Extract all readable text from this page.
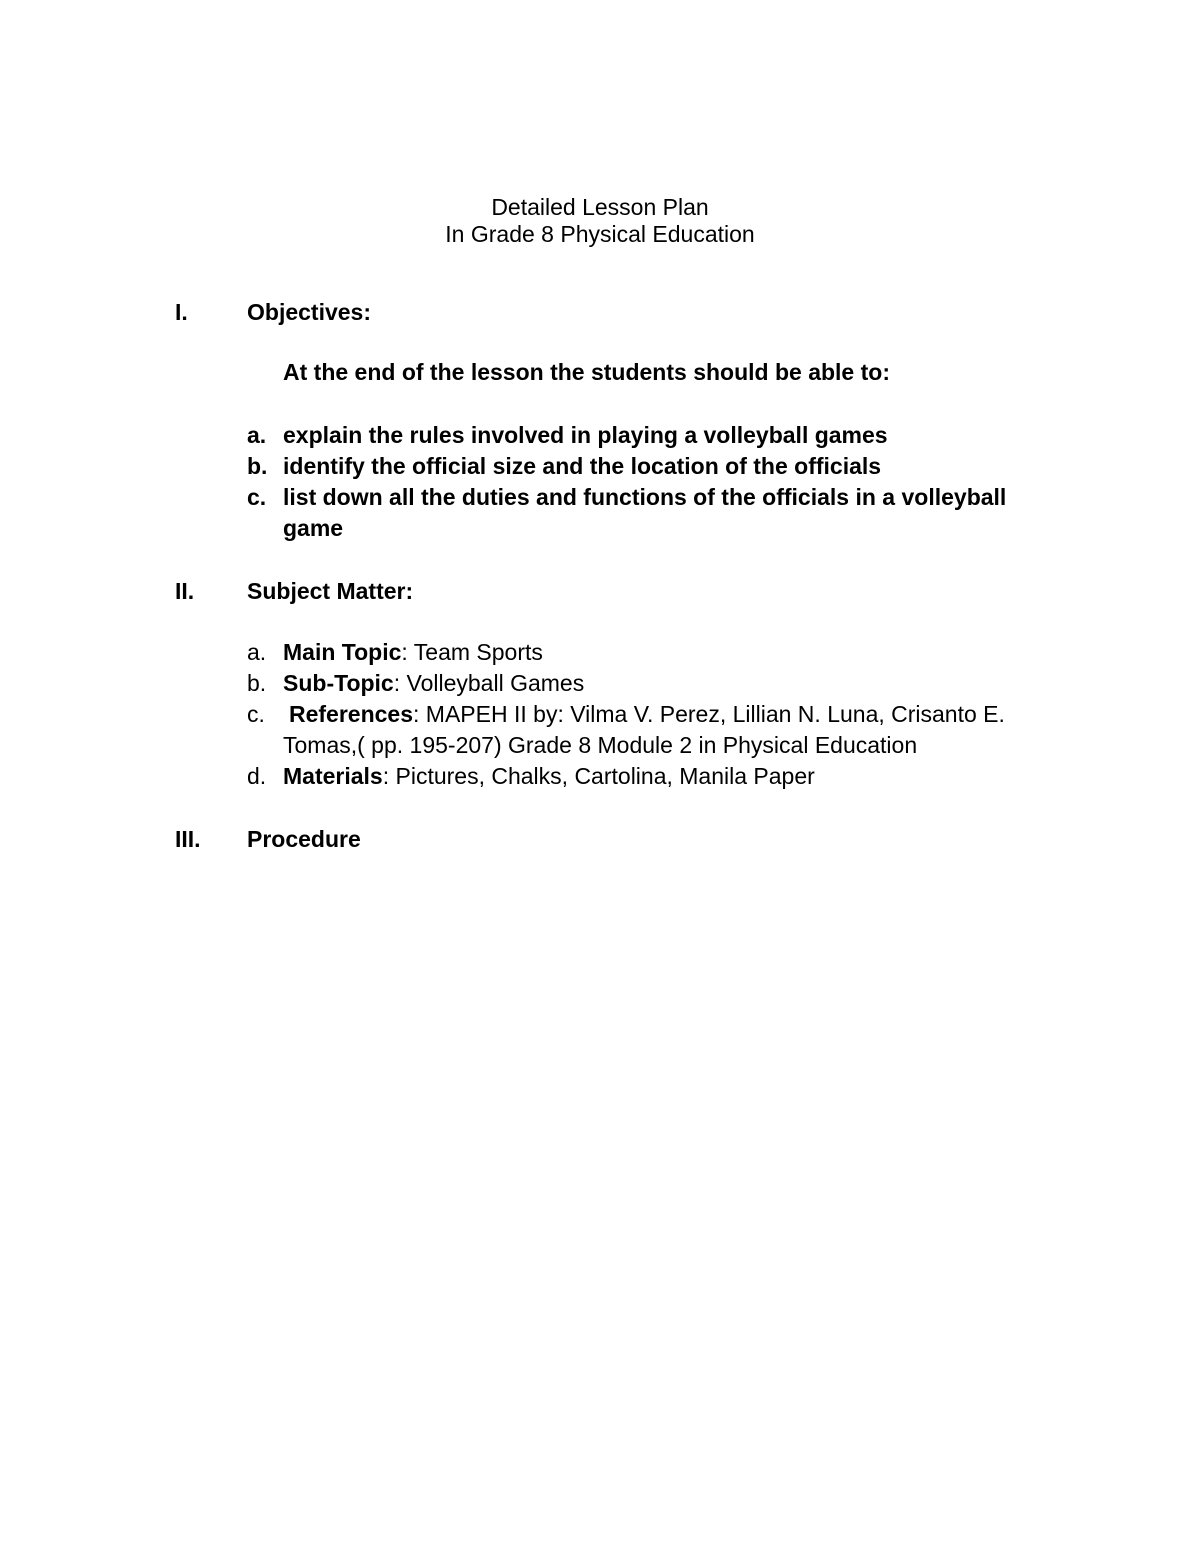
Detailed Lesson Plan
In Grade 8 Physical Education
I.	Objectives:
At the end of the lesson the students should be able to:
a. explain the rules involved in playing a volleyball games
b. identify the official size and the location of the officials
c. list down all the duties and functions of the officials in a volleyball
game
II. Subject Matter:
a. Main Topic: Team Sports
b. Sub-Topic: Volleyball Games
c. References: MAPEH II by: Vilma V. Perez, Lillian N. Luna, Crisanto E.
Tomas,( pp. 195-207) Grade 8 Module 2 in Physical Education
d. Materials: Pictures, Chalks, Cartolina, Manila Paper
III. Procedure
